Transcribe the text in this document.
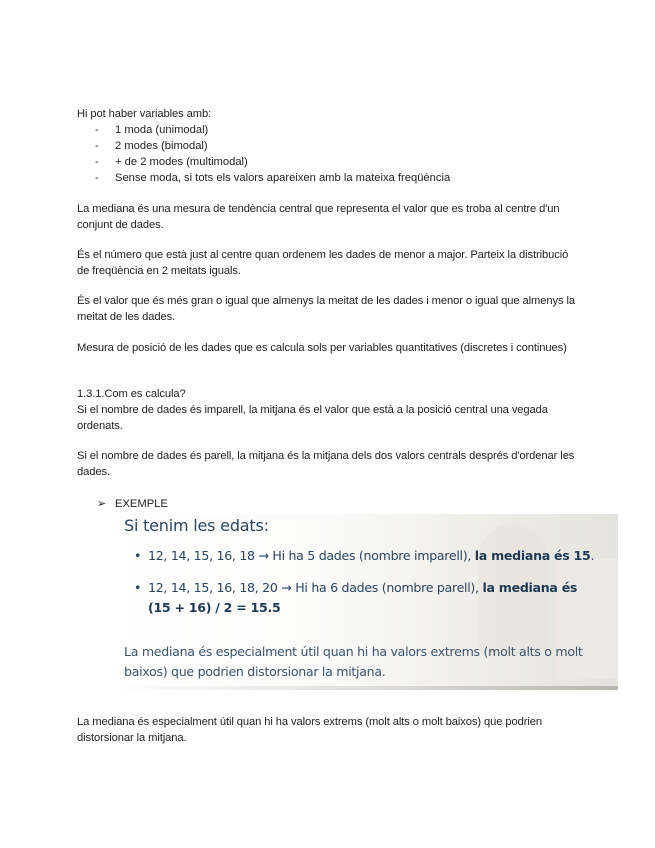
Hi pot haber variables amb:

-	1 moda (unimodal)
-	2 modes (bimodal)
-	+ de 2 modes (multimodal)
-	Sense moda, si tots els valors apareixen amb la mateixa freqüència

La mediana és una mesura de tendència central que representa el valor que es troba al centre d'un conjunt de dades.

És el número que està just al centre quan ordenem les dades de menor a major. Parteix la distribució de freqüència en 2 meitats iguals.

És el valor que és més gran o igual que almenys la meitat de les dades i menor o igual que almenys la meitat de les dades.

Mesura de posició de les dades que es calcula sols per variables quantitatives (discretes i continues)

1.3.1.Com es calcula?

Si el nombre de dades és imparell, la mitjana és el valor que està a la posició central una vegada ordenats.

Si el nombre de dades és parell, la mitjana és la mitjana dels dos valors centrals després d'ordenar les dades.

➢ EXEMPLE
Si tenim les edats:
• 12, 14, 15, 16, 18 → Hi ha 5 dades (nombre imparell), la mediana és 15.
• 12, 14, 15, 16, 18, 20 → Hi ha 6 dades (nombre parell), la mediana és
(15 + 16) / 2 = 15.5
La mediana és especialment útil quan hi ha valors extrems (molt alts o molt baixos) que podrien distorsionar la mitjana.

La mediana és especialment útil quan hi ha valors extrems (molt alts o molt baixos) que podrien distorsionar la mitjana.
